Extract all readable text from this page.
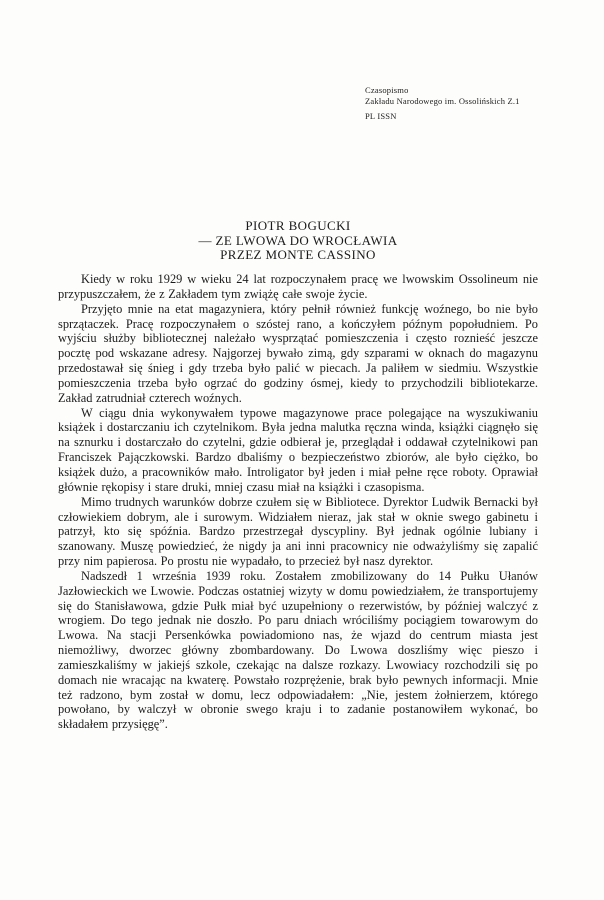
Czasopismo
Zakładu Narodowego im. Ossolińskich Z.1
PL ISSN
PIOTR BOGUCKI
— ZE LWOWA DO WROCŁAWIA
PRZEZ MONTE CASSINO

Kiedy w roku 1929 w wieku 24 lat rozpoczynałem pracę we lwowskim Ossolineum nie przypuszczałem, że z Zakładem tym zwiążę całe swoje życie.

Przyjęto mnie na etat magazyniera, który pełnił również funkcję woźnego, bo nie było sprzątaczek. Pracę rozpoczynałem o szóstej rano, a kończyłem późnym popołudniem. Po wyjściu służby bibliotecznej należało wysprzątać pomieszczenia i często roznieść jeszcze pocztę pod wskazane adresy. Najgorzej bywało zimą, gdy szparami w oknach do magazynu przedostawał się śnieg i gdy trzeba było palić w piecach. Ja paliłem w siedmiu. Wszystkie pomieszczenia trzeba było ogrzać do godziny ósmej, kiedy to przychodzili bibliotekarze. Zakład zatrudniał czterech woźnych.

W ciągu dnia wykonywałem typowe magazynowe prace polegające na wyszukiwaniu książek i dostarczaniu ich czytelnikom. Była jedna malutka ręczna winda, książki ciągnęło się na sznurku i dostarczało do czytelni, gdzie odbierał je, przeglądał i oddawał czytelnikowi pan Franciszek Pajączkowski. Bardzo dbaliśmy o bezpieczeństwo zbiorów, ale było ciężko, bo książek dużo, a pracowników mało. Introligator był jeden i miał pełne ręce roboty. Oprawiał głównie rękopisy i stare druki, mniej czasu miał na książki i czasopisma.

Mimo trudnych warunków dobrze czułem się w Bibliotece. Dyrektor Ludwik Bernacki był człowiekiem dobrym, ale i surowym. Widziałem nieraz, jak stał w oknie swego gabinetu i patrzył, kto się spóźnia. Bardzo przestrzegał dyscypliny. Był jednak ogólnie lubiany i szanowany. Muszę powiedzieć, że nigdy ja ani inni pracownicy nie odważyliśmy się zapalić przy nim papierosa. Po prostu nie wypadało, to przecież był nasz dyrektor.

Nadszedł 1 września 1939 roku. Zostałem zmobilizowany do 14 Pułku Ułanów Jazłowieckich we Lwowie. Podczas ostatniej wizyty w domu powiedziałem, że transportujemy się do Stanisławowa, gdzie Pułk miał być uzupełniony o rezerwistów, by później walczyć z wrogiem. Do tego jednak nie doszło. Po paru dniach wróciliśmy pociągiem towarowym do Lwowa. Na stacji Persenkówka powiadomiono nas, że wjazd do centrum miasta jest niemożliwy, dworzec główny zbombardowany. Do Lwowa doszliśmy więc pieszo i zamieszkaliśmy w jakiejś szkole, czekając na dalsze rozkazy. Lwowiacy rozchodzili się po domach nie wracając na kwaterę. Powstało rozprężenie, brak było pewnych informacji. Mnie też radzono, bym został w domu, lecz odpowiadałem: „Nie, jestem żołnierzem, którego powołano, by walczył w obronie swego kraju i to zadanie postanowiłem wykonać, bo składałem przysięgę”.
